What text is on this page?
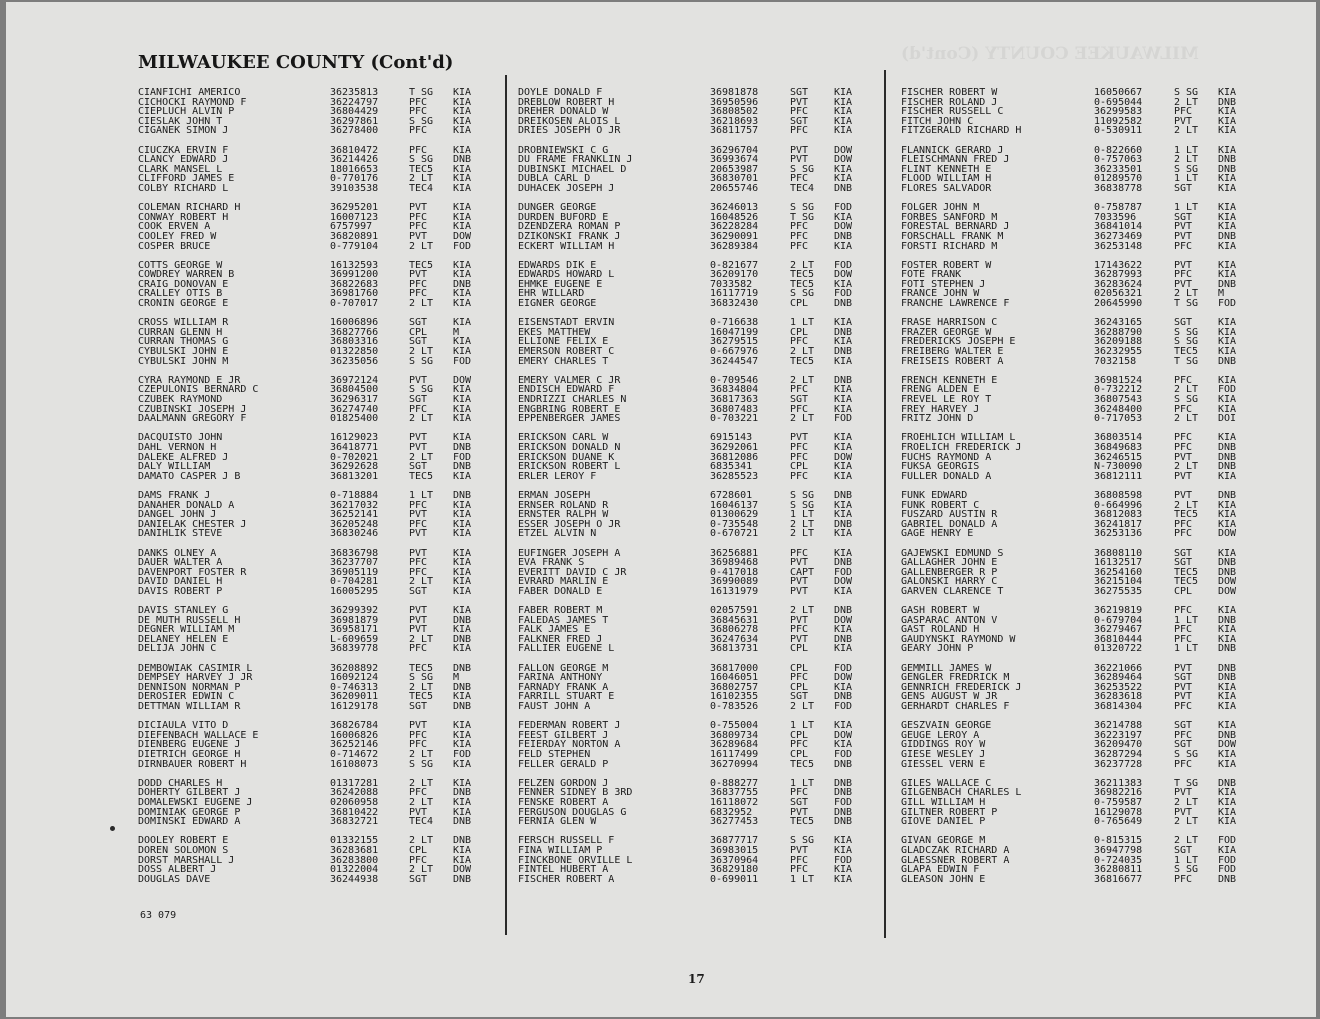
MILWAUKEE COUNTY (Cont'd)
MILWAUKEE COUNTY (Cont'd)
CIANFICHI AMERICO	36235813	T SG	KIA
CICHOCKI RAYMOND F	36224797	PFC	KIA
CIEPLUCH ALVIN P	36804429	PFC	KIA
CIESLAK JOHN T	36297861	S SG	KIA
CIGANEK SIMON J	36278400	PFC	KIA
CIUCZKA ERVIN F	36810472	PFC	KIA
CLANCY EDWARD J	36214426	S SG	DNB
CLARK MANSEL L	18016653	TEC5	KIA
CLIFFORD JAMES E	0-770176	2 LT	KIA
COLBY RICHARD L	39103538	TEC4	KIA
COLEMAN RICHARD H	36295201	PVT	KIA
CONWAY ROBERT H	16007123	PFC	KIA
COOK ERVEN A	6757997	PFC	KIA
COOLEY FRED W	36820891	PVT	DOW
COSPER BRUCE	0-779104	2 LT	FOD
COTTS GEORGE W	16132593	TEC5	KIA
COWDREY WARREN B	36991200	PVT	KIA
CRAIG DONOVAN E	36822683	PFC	DNB
CRALLEY OTIS B	36981760	PFC	KIA
CRONIN GEORGE E	0-707017	2 LT	KIA
CROSS WILLIAM R	16006896	SGT	KIA
CURRAN GLENN H	36827766	CPL	M
CURRAN THOMAS G	36803316	SGT	KIA
CYBULSKI JOHN E	01322850	2 LT	KIA
CYBULSKI JOHN M	36235056	S SG	FOD
CYRA RAYMOND E JR	36972124	PVT	DOW
CZEPULONIS BERNARD C	36804500	S SG	KIA
CZUBEK RAYMOND	36296317	SGT	KIA
CZUBINSKI JOSEPH J	36274740	PFC	KIA
DAALMANN GREGORY F	01825400	2 LT	KIA
DACQUISTO JOHN	16129023	PVT	KIA
DAHL VERNON H	36418771	PVT	DNB
DALEKE ALFRED J	0-702021	2 LT	FOD
DALY WILLIAM	36292628	SGT	DNB
DAMATO CASPER J B	36813201	TEC5	KIA
DAMS FRANK J	0-718884	1 LT	DNB
DANAHER DONALD A	36217032	PFC	KIA
DANGEL JOHN J	36252141	PVT	KIA
DANIELAK CHESTER J	36205248	PFC	KIA
DANIHLIK STEVE	36830246	PVT	KIA
DANKS OLNEY A	36836798	PVT	KIA
DAUER WALTER A	36237707	PFC	KIA
DAVENPORT FOSTER R	36905119	PFC	KIA
DAVID DANIEL H	0-704281	2 LT	KIA
DAVIS ROBERT P	16005295	SGT	KIA
DAVIS STANLEY G	36299392	PVT	KIA
DE MUTH RUSSELL H	36981879	PVT	DNB
DEGNER WILLIAM M	36958171	PVT	KIA
DELANEY HELEN E	L-609659	2 LT	DNB
DELIJA JOHN C	36839778	PFC	KIA
DEMBOWIAK CASIMIR L	36208892	TEC5	DNB
DEMPSEY HARVEY J JR	16092124	S SG	M
DENNISON NORMAN P	0-746313	2 LT	DNB
DEROSIER EDWIN C	36209011	TEC5	KIA
DETTMAN WILLIAM R	16129178	SGT	DNB
DICIAULA VITO D	36826784	PVT	KIA
DIEFENBACH WALLACE E	16006826	PFC	KIA
DIENBERG EUGENE J	36252146	PFC	KIA
DIETRICH GEORGE H	0-714672	2 LT	FOD
DIRNBAUER ROBERT H	16108073	S SG	KIA
DODD CHARLES H	01317281	2 LT	KIA
DOHERTY GILBERT J	36242088	PFC	DNB
DOMALEWSKI EUGENE J	02060958	2 LT	KIA
DOMINIAK GEORGE P	36810422	PVT	KIA
DOMINSKI EDWARD A	36832721	TEC4	DNB
DOOLEY ROBERT E	01332155	2 LT	DNB
DOREN SOLOMON S	36283681	CPL	KIA
DORST MARSHALL J	36283800	PFC	KIA
DOSS ALBERT J	01322004	2 LT	DOW
DOUGLAS DAVE	36244938	SGT	DNB
DOYLE DONALD F	36981878	SGT	KIA
DREBLOW ROBERT H	36950596	PVT	KIA
DREHER DONALD W	36808502	PFC	KIA
DREIKOSEN ALOIS L	36218693	SGT	KIA
DRIES JOSEPH O JR	36811757	PFC	KIA
DROBNIEWSKI C G	36296704	PVT	DOW
DU FRAME FRANKLIN J	36993674	PVT	DOW
DUBINSKI MICHAEL D	20653987	S SG	KIA
DUBLA CARL D	36830701	PFC	KIA
DUHACEK JOSEPH J	20655746	TEC4	DNB
DUNGER GEORGE	36246013	S SG	FOD
DURDEN BUFORD E	16048526	T SG	KIA
DZENDZERA ROMAN P	36228284	PFC	DOW
DZIKONSKI FRANK J	36290091	PFC	DNB
ECKERT WILLIAM H	36289384	PFC	KIA
EDWARDS DIK E	0-821677	2 LT	FOD
EDWARDS HOWARD L	36209170	TEC5	DOW
EHMKE EUGENE E	7033582	TEC5	KIA
EHR WILLARD	16117719	S SG	FOD
EIGNER GEORGE	36832430	CPL	DNB
EISENSTADT ERVIN	0-716638	1 LT	KIA
EKES MATTHEW	16047199	CPL	DNB
ELLIONE FELIX E	36279515	PFC	KIA
EMERSON ROBERT C	0-667976	2 LT	DNB
EMERY CHARLES T	36244547	TEC5	KIA
EMERY VALMER C JR	0-709546	2 LT	DNB
ENDISCH EDWARD F	36834804	PFC	KIA
ENDRIZZI CHARLES N	36817363	SGT	KIA
ENGBRING ROBERT E	36807483	PFC	KIA
EPPENBERGER JAMES	0-703221	2 LT	FOD
ERICKSON CARL W	6915143	PVT	KIA
ERICKSON DONALD N	36292061	PFC	KIA
ERICKSON DUANE K	36812086	PFC	DOW
ERICKSON ROBERT L	6835341	CPL	KIA
ERLER LEROY F	36285523	PFC	KIA
ERMAN JOSEPH	6728601	S SG	DNB
ERNSER ROLAND R	16046137	S SG	KIA
ERNSTER RALPH W	01300629	1 LT	KIA
ESSER JOSEPH O JR	0-735548	2 LT	DNB
ETZEL ALVIN N	0-670721	2 LT	KIA
EUFINGER JOSEPH A	36256881	PFC	KIA
EVA FRANK S	36989468	PVT	DNB
EVERITT DAVID C JR	0-417018	CAPT	FOD
EVRARD MARLIN E	36990089	PVT	DOW
FABER DONALD E	16131979	PVT	KIA
FABER ROBERT M	02057591	2 LT	DNB
FALEDAS JAMES T	36845631	PVT	DOW
FALK JAMES E	36806278	PFC	KIA
FALKNER FRED J	36247634	PVT	DNB
FALLIER EUGENE L	36813731	CPL	KIA
FALLON GEORGE M	36817000	CPL	FOD
FARINA ANTHONY	16046051	PFC	DOW
FARNADY FRANK A	36802757	CPL	KIA
FARRILL STUART E	16102355	SGT	DNB
FAUST JOHN A	0-783526	2 LT	FOD
FEDERMAN ROBERT J	0-755004	1 LT	KIA
FEEST GILBERT J	36809734	CPL	DOW
FEIERDAY NORTON A	36289684	PFC	KIA
FELD STEPHEN	16117499	CPL	FOD
FELLER GERALD P	36270994	TEC5	DNB
FELZEN GORDON J	0-888277	1 LT	DNB
FENNER SIDNEY B 3RD	36837755	PFC	DNB
FENSKE ROBERT A	16118072	SGT	FOD
FERGUSON DOUGLAS G	6832952	PVT	DNB
FERNIA GLEN W	36277453	TEC5	DNB
FERSCH RUSSELL F	36877717	S SG	KIA
FINA WILLIAM P	36983015	PVT	KIA
FINCKBONE ORVILLE L	36370964	PFC	FOD
FINTEL HUBERT A	36829180	PFC	KIA
FISCHER ROBERT A	0-699011	1 LT	KIA
FISCHER ROBERT W	16050667	S SG	KIA
FISCHER ROLAND J	0-695044	2 LT	DNB
FISCHER RUSSELL C	36299583	PFC	KIA
FITCH JOHN C	11092582	PVT	KIA
FITZGERALD RICHARD H	0-530911	2 LT	KIA
FLANNICK GERARD J	0-822660	1 LT	KIA
FLEISCHMANN FRED J	0-757063	2 LT	DNB
FLINT KENNETH E	36233501	S SG	DNB
FLOOD WILLIAM H	01289570	1 LT	KIA
FLORES SALVADOR	36838778	SGT	KIA
FOLGER JOHN M	0-758787	1 LT	KIA
FORBES SANFORD M	7033596	SGT	KIA
FORESTAL BERNARD J	36841014	PVT	KIA
FORSCHALL FRANK M	36273469	PVT	DNB
FORSTI RICHARD M	36253148	PFC	KIA
FOSTER ROBERT W	17143622	PVT	KIA
FOTE FRANK	36287993	PFC	KIA
FOTI STEPHEN J	36283624	PVT	DNB
FRANCE JOHN W	02056321	2 LT	M
FRANCHE LAWRENCE F	20645990	T SG	FOD
FRASE HARRISON C	36243165	SGT	KIA
FRAZER GEORGE W	36288790	S SG	KIA
FREDERICKS JOSEPH E	36209188	S SG	KIA
FREIBERG WALTER E	36232955	TEC5	KIA
FREISEIS ROBERT A	7032158	T SG	DNB
FRENCH KENNETH E	36981524	PFC	KIA
FRENG ALDEN E	0-732212	2 LT	FOD
FREVEL LE ROY T	36807543	S SG	KIA
FREY HARVEY J	36248400	PFC	KIA
FRITZ JOHN D	0-717053	2 LT	DOI
FROEHLICH WILLIAM L	36803514	PFC	KIA
FROELICH FREDERICK J	36849683	PFC	DNB
FUCHS RAYMOND A	36246515	PVT	DNB
FUKSA GEORGIS	N-730090	2 LT	DNB
FULLER DONALD A	36812111	PVT	KIA
FUNK EDWARD	36808598	PVT	DNB
FUNK ROBERT C	0-664996	2 LT	KIA
FUSZARD AUSTIN R	36812083	TEC5	KIA
GABRIEL DONALD A	36241817	PFC	KIA
GAGE HENRY E	36253136	PFC	DOW
GAJEWSKI EDMUND S	36808110	SGT	KIA
GALLAGHER JOHN E	16132517	SGT	DNB
GALLENBERGER R P	36254160	TEC5	DNB
GALONSKI HARRY C	36215104	TEC5	DOW
GARVEN CLARENCE T	36275535	CPL	DOW
GASH ROBERT W	36219819	PFC	KIA
GASPARAC ANTON V	0-679704	1 LT	DNB
GAST ROLAND H	36279467	PFC	KIA
GAUDYNSKI RAYMOND W	36810444	PFC	KIA
GEARY JOHN P	01320722	1 LT	DNB
GEMMILL JAMES W	36221066	PVT	DNB
GENGLER FREDRICK M	36289464	SGT	DNB
GENNRICH FREDERICK J	36253522	PVT	KIA
GENS AUGUST W JR	36283618	PVT	KIA
GERHARDT CHARLES F	36814304	PFC	KIA
GESZVAIN GEORGE	36214788	SGT	KIA
GEUGE LEROY A	36223197	PFC	DNB
GIDDINGS ROY W	36209470	SGT	DOW
GIESE WESLEY J	36287294	S SG	KIA
GIESSEL VERN E	36237728	PFC	KIA
GILES WALLACE C	36211383	T SG	DNB
GILGENBACH CHARLES L	36982216	PVT	KIA
GILL WILLIAM H	0-759587	2 LT	KIA
GILTNER ROBERT P	16129078	PVT	KIA
GIOVE DANIEL P	0-765649	2 LT	KIA
GIVAN GEORGE M	0-815315	2 LT	FOD
GLADCZAK RICHARD A	36947798	SGT	KIA
GLAESSNER ROBERT A	0-724035	1 LT	FOD
GLAPA EDWIN F	36280811	S SG	FOD
GLEASON JOHN E	36816677	PFC	DNB
63 079
17
